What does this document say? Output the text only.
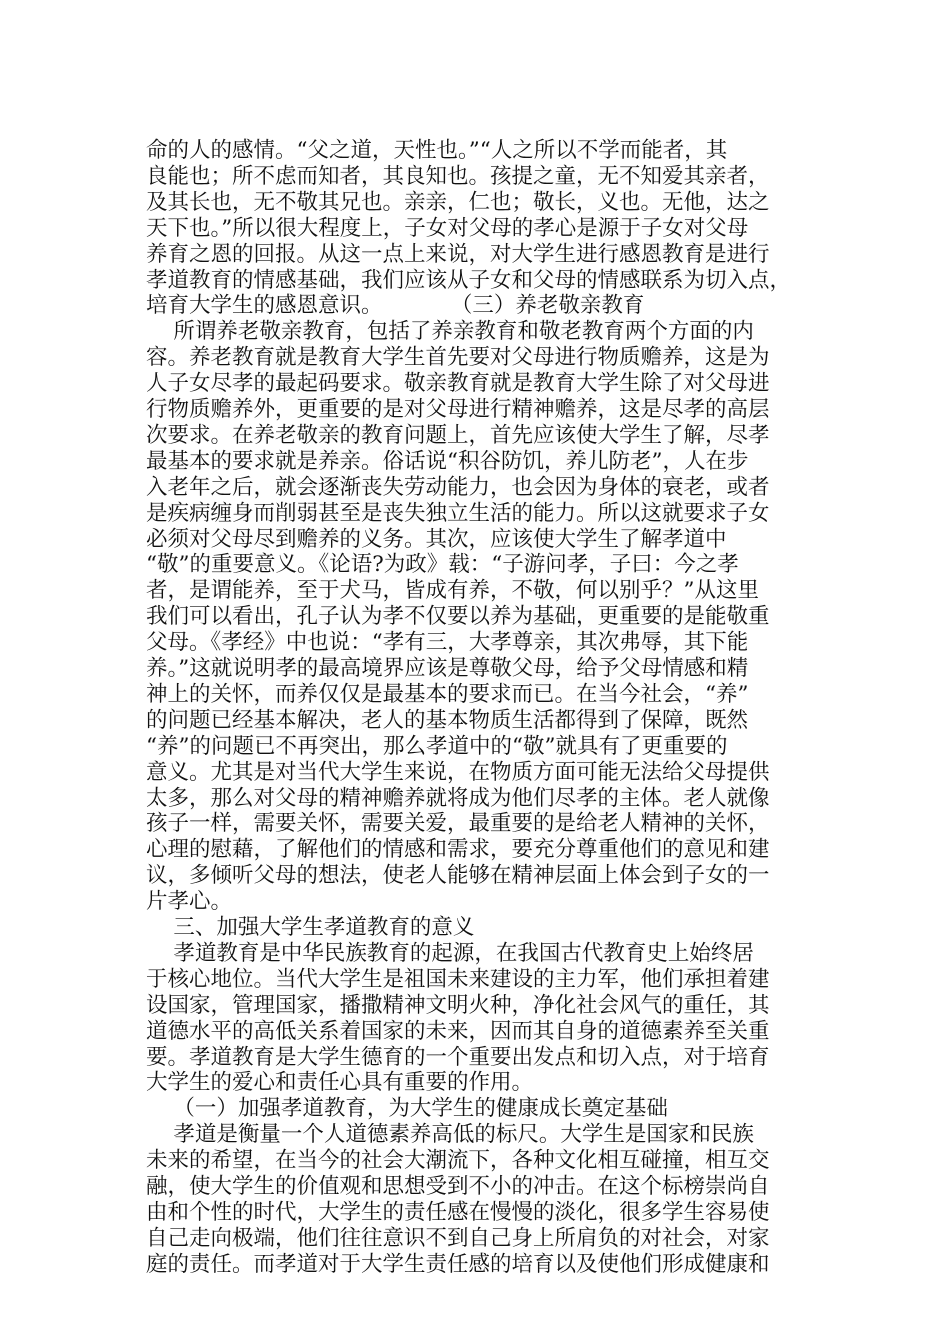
命的人的感情。“父之道，天性也。”“人之所以不学而能者，其
良能也；所不虑而知者，其良知也。孩提之童，无不知爱其亲者，
及其长也，无不敬其兄也。亲亲，仁也；敬长，义也。无他，达之
天下也。”所以很大程度上，子女对父母的孝心是源于子女对父母
养育之恩的回报。从这一点上来说，对大学生进行感恩教育是进行
孝道教育的情感基础，我们应该从子女和父母的情感联系为切入点，
培育大学生的感恩意识。          （三）养老敬亲教育
所谓养老敬亲教育，包括了养亲教育和敬老教育两个方面的内
容。养老教育就是教育大学生首先要对父母进行物质赡养，这是为
人子女尽孝的最起码要求。敬亲教育就是教育大学生除了对父母进
行物质赡养外，更重要的是对父母进行精神赡养，这是尽孝的高层
次要求。在养老敬亲的教育问题上，首先应该使大学生了解，尽孝
最基本的要求就是养亲。俗话说“积谷防饥，养儿防老”，人在步
入老年之后，就会逐渐丧失劳动能力，也会因为身体的衰老，或者
是疾病缠身而削弱甚至是丧失独立生活的能力。所以这就要求子女
必须对父母尽到赡养的义务。其次，应该使大学生了解孝道中
“敬”的重要意义。《论语?为政》载：“子游问孝，子曰：今之孝
者，是谓能养，至于犬马，皆成有养，不敬，何以别乎？”从这里
我们可以看出，孔子认为孝不仅要以养为基础，更重要的是能敬重
父母。《孝经》中也说：“孝有三，大孝尊亲，其次弗辱，其下能
养。”这就说明孝的最高境界应该是尊敬父母，给予父母情感和精
神上的关怀，而养仅仅是最基本的要求而已。在当今社会，“养”
的问题已经基本解决，老人的基本物质生活都得到了保障，既然
“养”的问题已不再突出，那么孝道中的“敬”就具有了更重要的
意义。尤其是对当代大学生来说，在物质方面可能无法给父母提供
太多，那么对父母的精神赡养就将成为他们尽孝的主体。老人就像
孩子一样，需要关怀，需要关爱，最重要的是给老人精神的关怀，
心理的慰藉，了解他们的情感和需求，要充分尊重他们的意见和建
议，多倾听父母的想法，使老人能够在精神层面上体会到子女的一
片孝心。
三、加强大学生孝道教育的意义
孝道教育是中华民族教育的起源，在我国古代教育史上始终居
于核心地位。当代大学生是祖国未来建设的主力军，他们承担着建
设国家，管理国家，播撒精神文明火种，净化社会风气的重任，其
道德水平的高低关系着国家的未来，因而其自身的道德素养至关重
要。孝道教育是大学生德育的一个重要出发点和切入点，对于培育
大学生的爱心和责任心具有重要的作用。
（一）加强孝道教育，为大学生的健康成长奠定基础
孝道是衡量一个人道德素养高低的标尺。大学生是国家和民族
未来的希望，在当今的社会大潮流下，各种文化相互碰撞，相互交
融，使大学生的价值观和思想受到不小的冲击。在这个标榜崇尚自
由和个性的时代，大学生的责任感在慢慢的淡化，很多学生容易使
自己走向极端，他们往往意识不到自己身上所肩负的对社会，对家
庭的责任。而孝道对于大学生责任感的培育以及使他们形成健康和
